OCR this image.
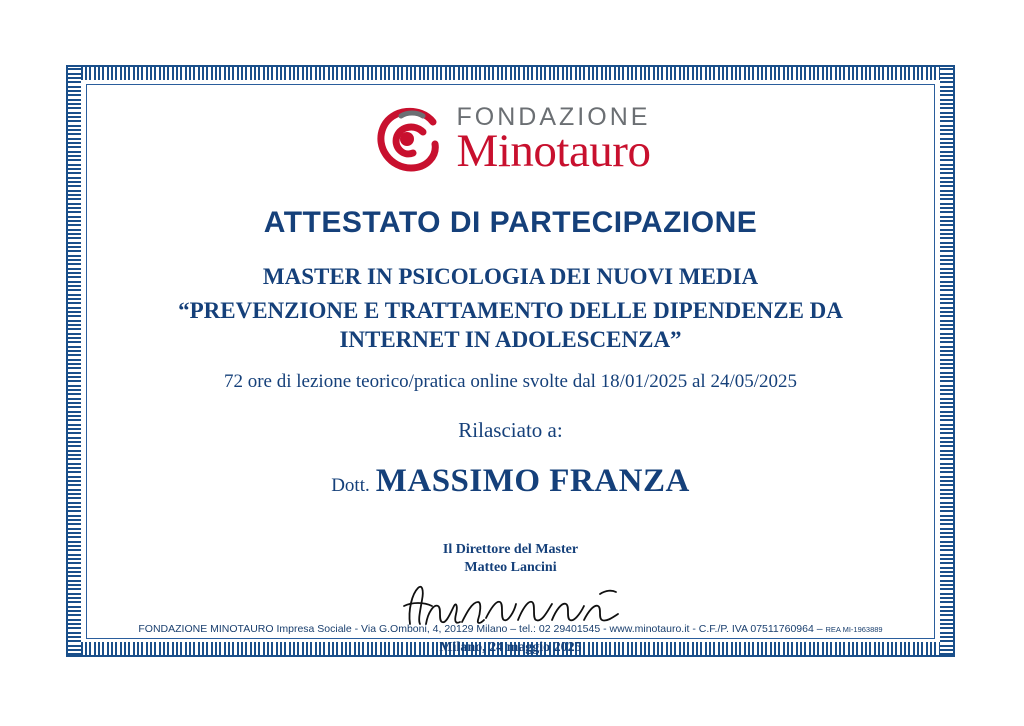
FONDAZIONE
Minotauro
ATTESTATO DI PARTECIPAZIONE
MASTER IN PSICOLOGIA DEI NUOVI MEDIA
“PREVENZIONE E TRATTAMENTO DELLE DIPENDENZE DA
INTERNET IN ADOLESCENZA”
72 ore di lezione teorico/pratica online svolte dal 18/01/2025 al 24/05/2025
Rilasciato a:
Dott. MASSIMO FRANZA
Il Direttore del Master
Matteo Lancini
Milano, 24 maggio 2025
FONDAZIONE MINOTAURO Impresa Sociale - Via G.Omboni, 4, 20129 Milano – tel.: 02 29401545 - www.minotauro.it - C.F./P. IVA 07511760964 – REA MI-1963889
